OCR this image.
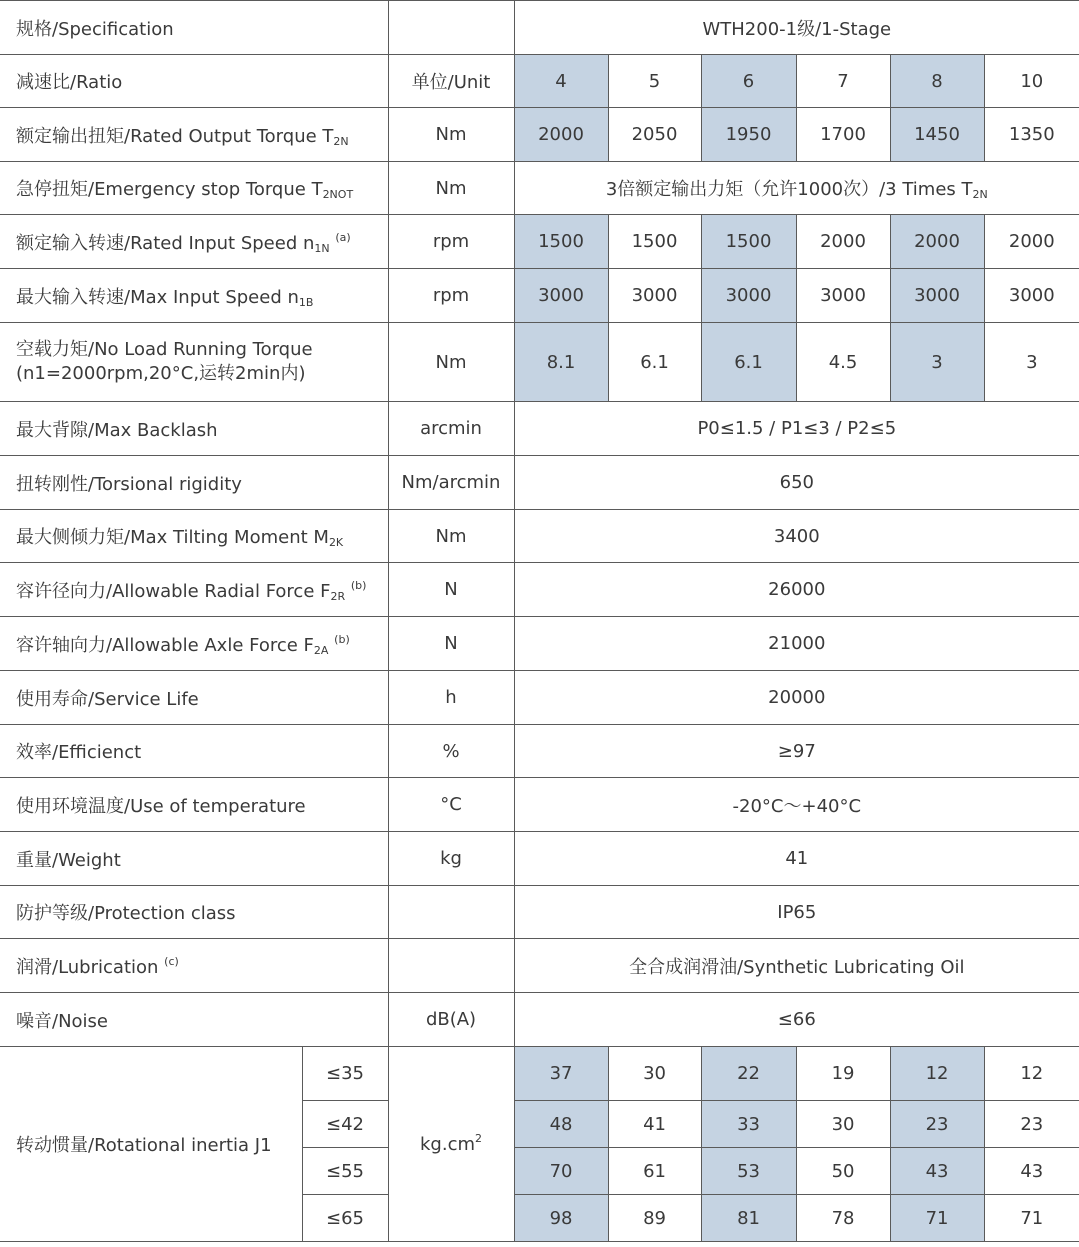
规格/Specification			WTH200-1级/1-Stage					
减速比/Ratio		单位/Unit	4	5	6	7	8	10
额定输出扭矩/Rated Output Torque $T_{2N}$		Nm	2000	2050	1950	1700	1450	1350
急停扭矩/Emergency stop Torque $T_{2NOT}$		Nm	3倍额定输出力矩（允许1000次）/3 Times $T_{2N}$
额定输入转速/Rated Input Speed $n_{1N}$ $^{(a)}$		rpm	1500	1500	1500	2000	2000	2000
最大输入转速/Max Input Speed $n_{1B}$		rpm	3000	3000	3000	3000	3000	3000
空载力矩/No Load Running Torque
(n1=2000rpm,20°C,运转2min内)		Nm	8.1	6.1	6.1	4.5	3	3
最大背隙/Max Backlash		arcmin	P0≤1.5 / P1≤3 / P2≤5					
扭转刚性/Torsional rigidity		Nm/arcmin	650					
最大侧倾力矩/Max Tilting Moment $M_{2K}$		Nm	3400					
容许径向力/Allowable Radial Force $F_{2R}$ $^{(b)}$		N	26000					
容许轴向力/Allowable Axle Force $F_{2A}$ $^{(b)}$		N	21000					
使用寿命/Service Life		h	20000					
效率/Efficienct		%	≥97					
使用环境温度/Use of temperature		°C	-20°C～+40°C					
重量/Weight		kg	41					
防护等级/Protection class			IP65					
润滑/Lubrication $^{(c)}$			全合成润滑油/Synthetic Lubricating Oil					
噪音/Noise		dB(A)	≤66					
转动惯量/Rotational inertia J1	≤35	$kg.cm^2$	37	30	22	19	12	12
	≤42		48	41	33	30	23	23
	≤55		70	61	53	50	43	43
	≤65		98	89	81	78	71	71
